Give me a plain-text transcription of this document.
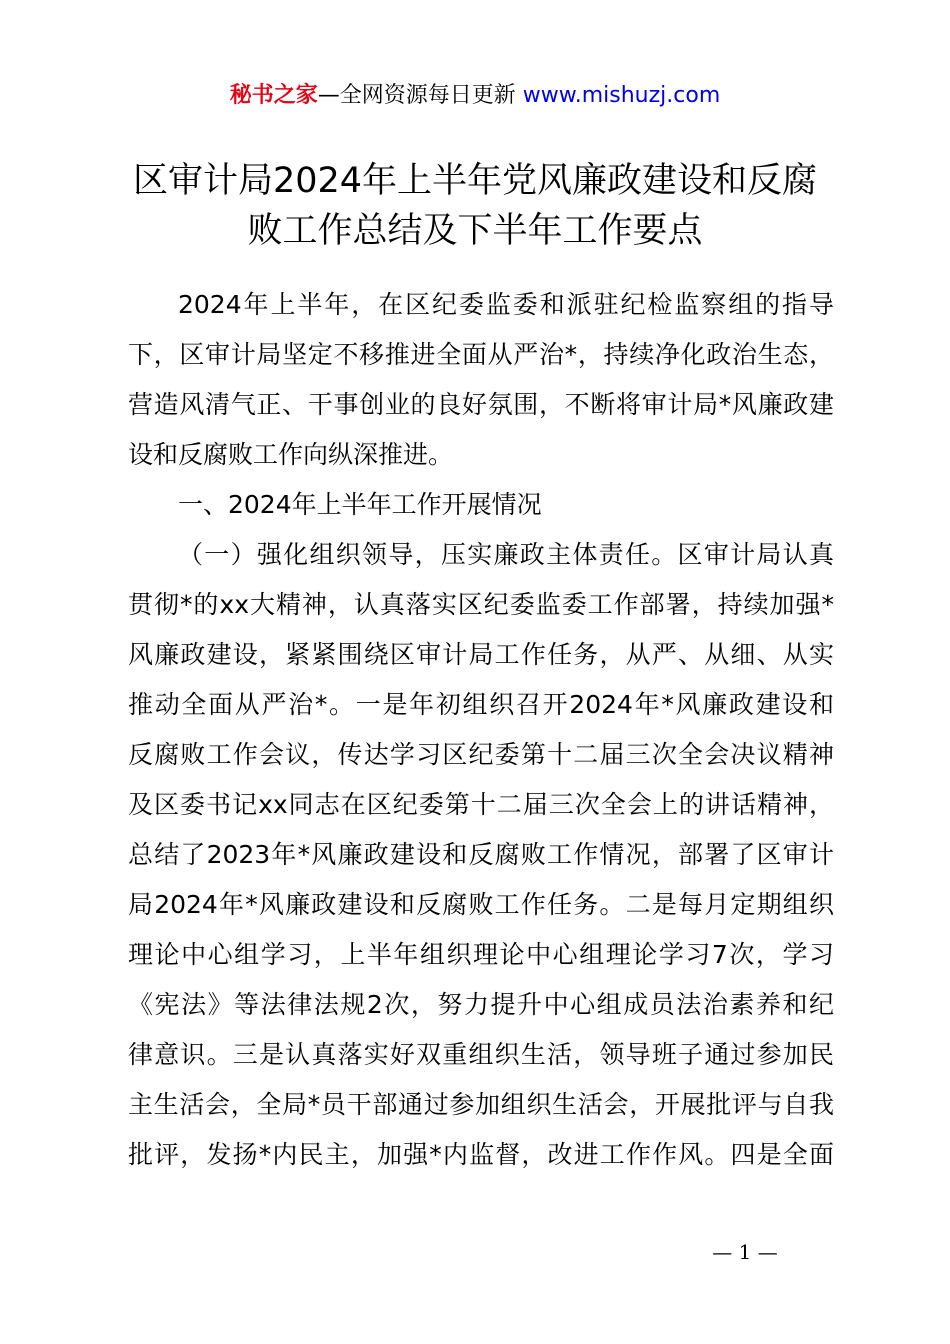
秘书之家—全网资源每日更新 www.mishuzj.com
区审计局2024年上半年党风廉政建设和反腐
败工作总结及下半年工作要点
2024年上半年，在区纪委监委和派驻纪检监察组的指导
下，区审计局坚定不移推进全面从严治*，持续净化政治生态，
营造风清气正、干事创业的良好氛围，不断将审计局*风廉政建
设和反腐败工作向纵深推进。
一、2024年上半年工作开展情况
（一）强化组织领导，压实廉政主体责任。区审计局认真
贯彻*的xx大精神，认真落实区纪委监委工作部署，持续加强*
风廉政建设，紧紧围绕区审计局工作任务，从严、从细、从实
推动全面从严治*。一是年初组织召开2024年*风廉政建设和
反腐败工作会议，传达学习区纪委第十二届三次全会决议精神
及区委书记xx同志在区纪委第十二届三次全会上的讲话精神，
总结了2023年*风廉政建设和反腐败工作情况，部署了区审计
局2024年*风廉政建设和反腐败工作任务。二是每月定期组织
理论中心组学习，上半年组织理论中心组理论学习7次，学习
《宪法》等法律法规2次，努力提升中心组成员法治素养和纪
律意识。三是认真落实好双重组织生活，领导班子通过参加民
主生活会，全局*员干部通过参加组织生活会，开展批评与自我
批评，发扬*内民主，加强*内监督，改进工作作风。四是全面
— 1 —
